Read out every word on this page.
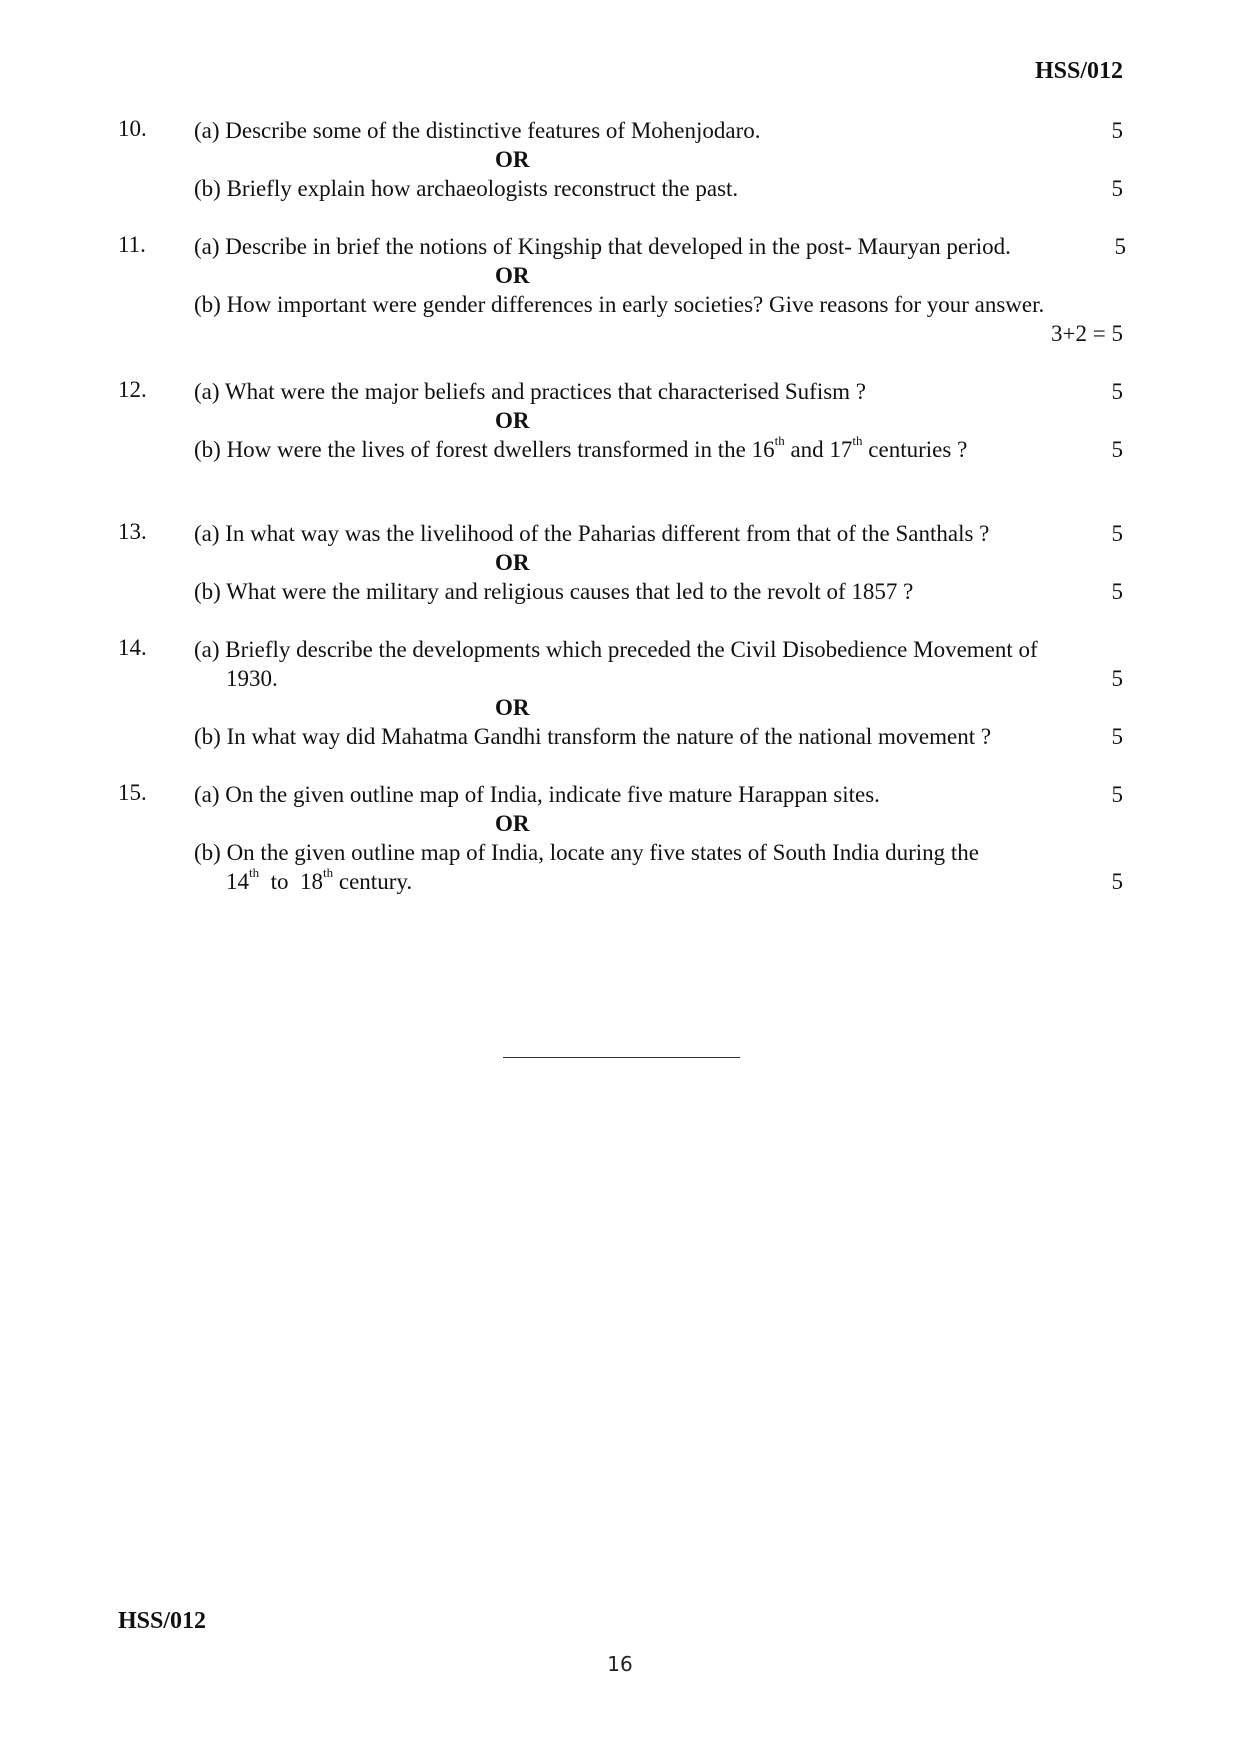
HSS/012
10.	(a) Describe some of the distinctive features of Mohenjodaro.	5
OR
(b) Briefly explain how archaeologists reconstruct the past.	5
11.	(a) Describe in brief the notions of Kingship that developed in the post- Mauryan period.	5
OR
(b) How important were gender differences in early societies? Give reasons for your answer.
3+2 = 5
12.	(a) What were the major beliefs and practices that characterised Sufism ?	5
OR
(b) How were the lives of forest dwellers transformed in the 16th and 17th centuries ?	5
13.	(a) In what way was the livelihood of the Paharias different from that of the Santhals ?	5
OR
(b) What were the military and religious causes that led to the revolt of 1857 ?	5
14.	(a) Briefly describe the developments which preceded the Civil Disobedience Movement of
1930.	5
OR
(b) In what way did Mahatma Gandhi transform the nature of the national movement ?	5
15.	(a) On the given outline map of India, indicate five mature Harappan sites.	5
OR
(b) On the given outline map of India, locate any five states of South India during the
14th  to  18th century.	5
HSS/012
16
